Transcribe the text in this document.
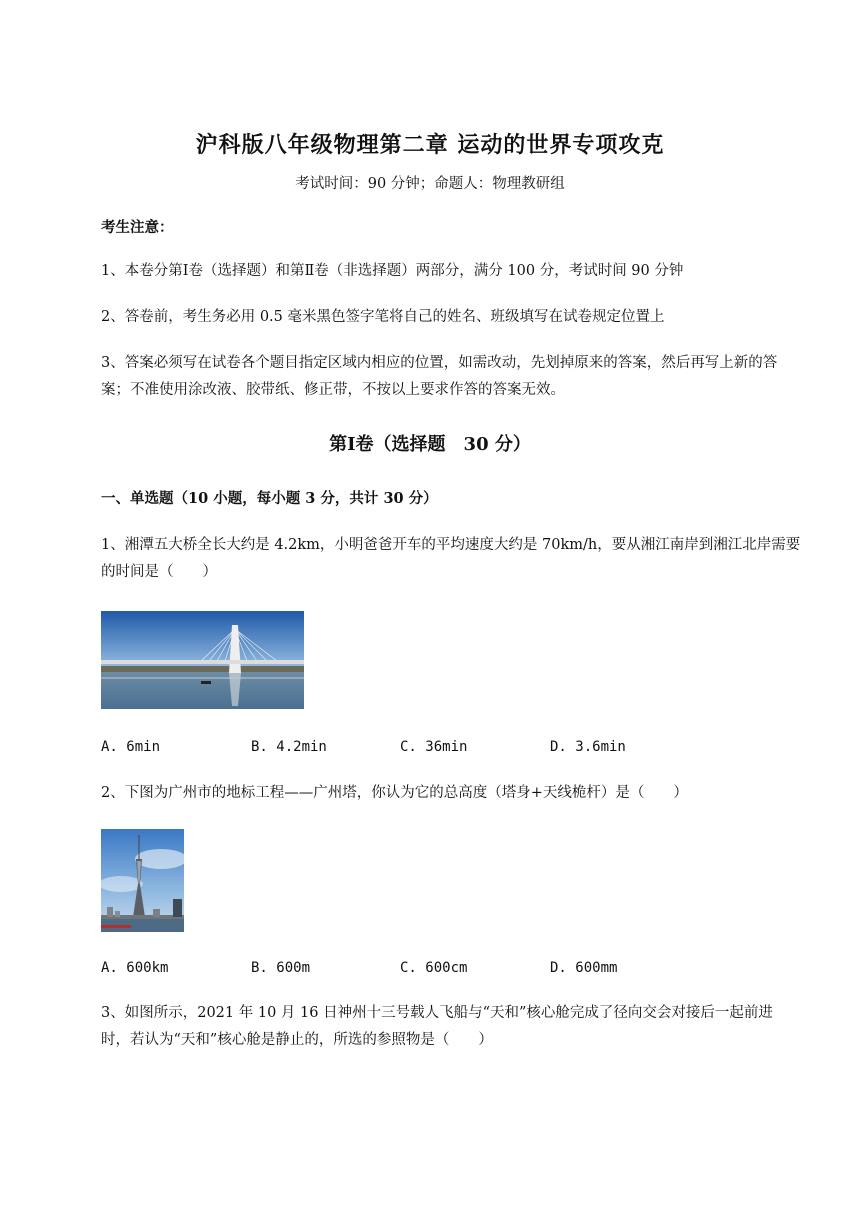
沪科版八年级物理第二章 运动的世界专项攻克
考试时间：90 分钟；命题人：物理教研组
考生注意：
1、本卷分第Ⅰ卷（选择题）和第Ⅱ卷（非选择题）两部分，满分 100 分，考试时间 90 分钟
2、答卷前，考生务必用 0.5 毫米黑色签字笔将自己的姓名、班级填写在试卷规定位置上
3、答案必须写在试卷各个题目指定区域内相应的位置，如需改动，先划掉原来的答案，然后再写上新的答案；不准使用涂改液、胶带纸、修正带，不按以上要求作答的答案无效。
第Ⅰ卷（选择题　30 分）
一、单选题（10 小题，每小题 3 分，共计 30 分）
1、湘潭五大桥全长大约是 4.2km，小明爸爸开车的平均速度大约是 70km/h，要从湘江南岸到湘江北岸需要的时间是（　　）
A. 6min	B. 4.2min	C. 36min	D. 3.6min
2、下图为广州市的地标工程——广州塔，你认为它的总高度（塔身+天线桅杆）是（　　）
A. 600km	B. 600m	C. 600cm	D. 600mm
3、如图所示，2021 年 10 月 16 日神州十三号载人飞船与“天和”核心舱完成了径向交会对接后一起前进时，若认为“天和”核心舱是静止的，所选的参照物是（　　）
